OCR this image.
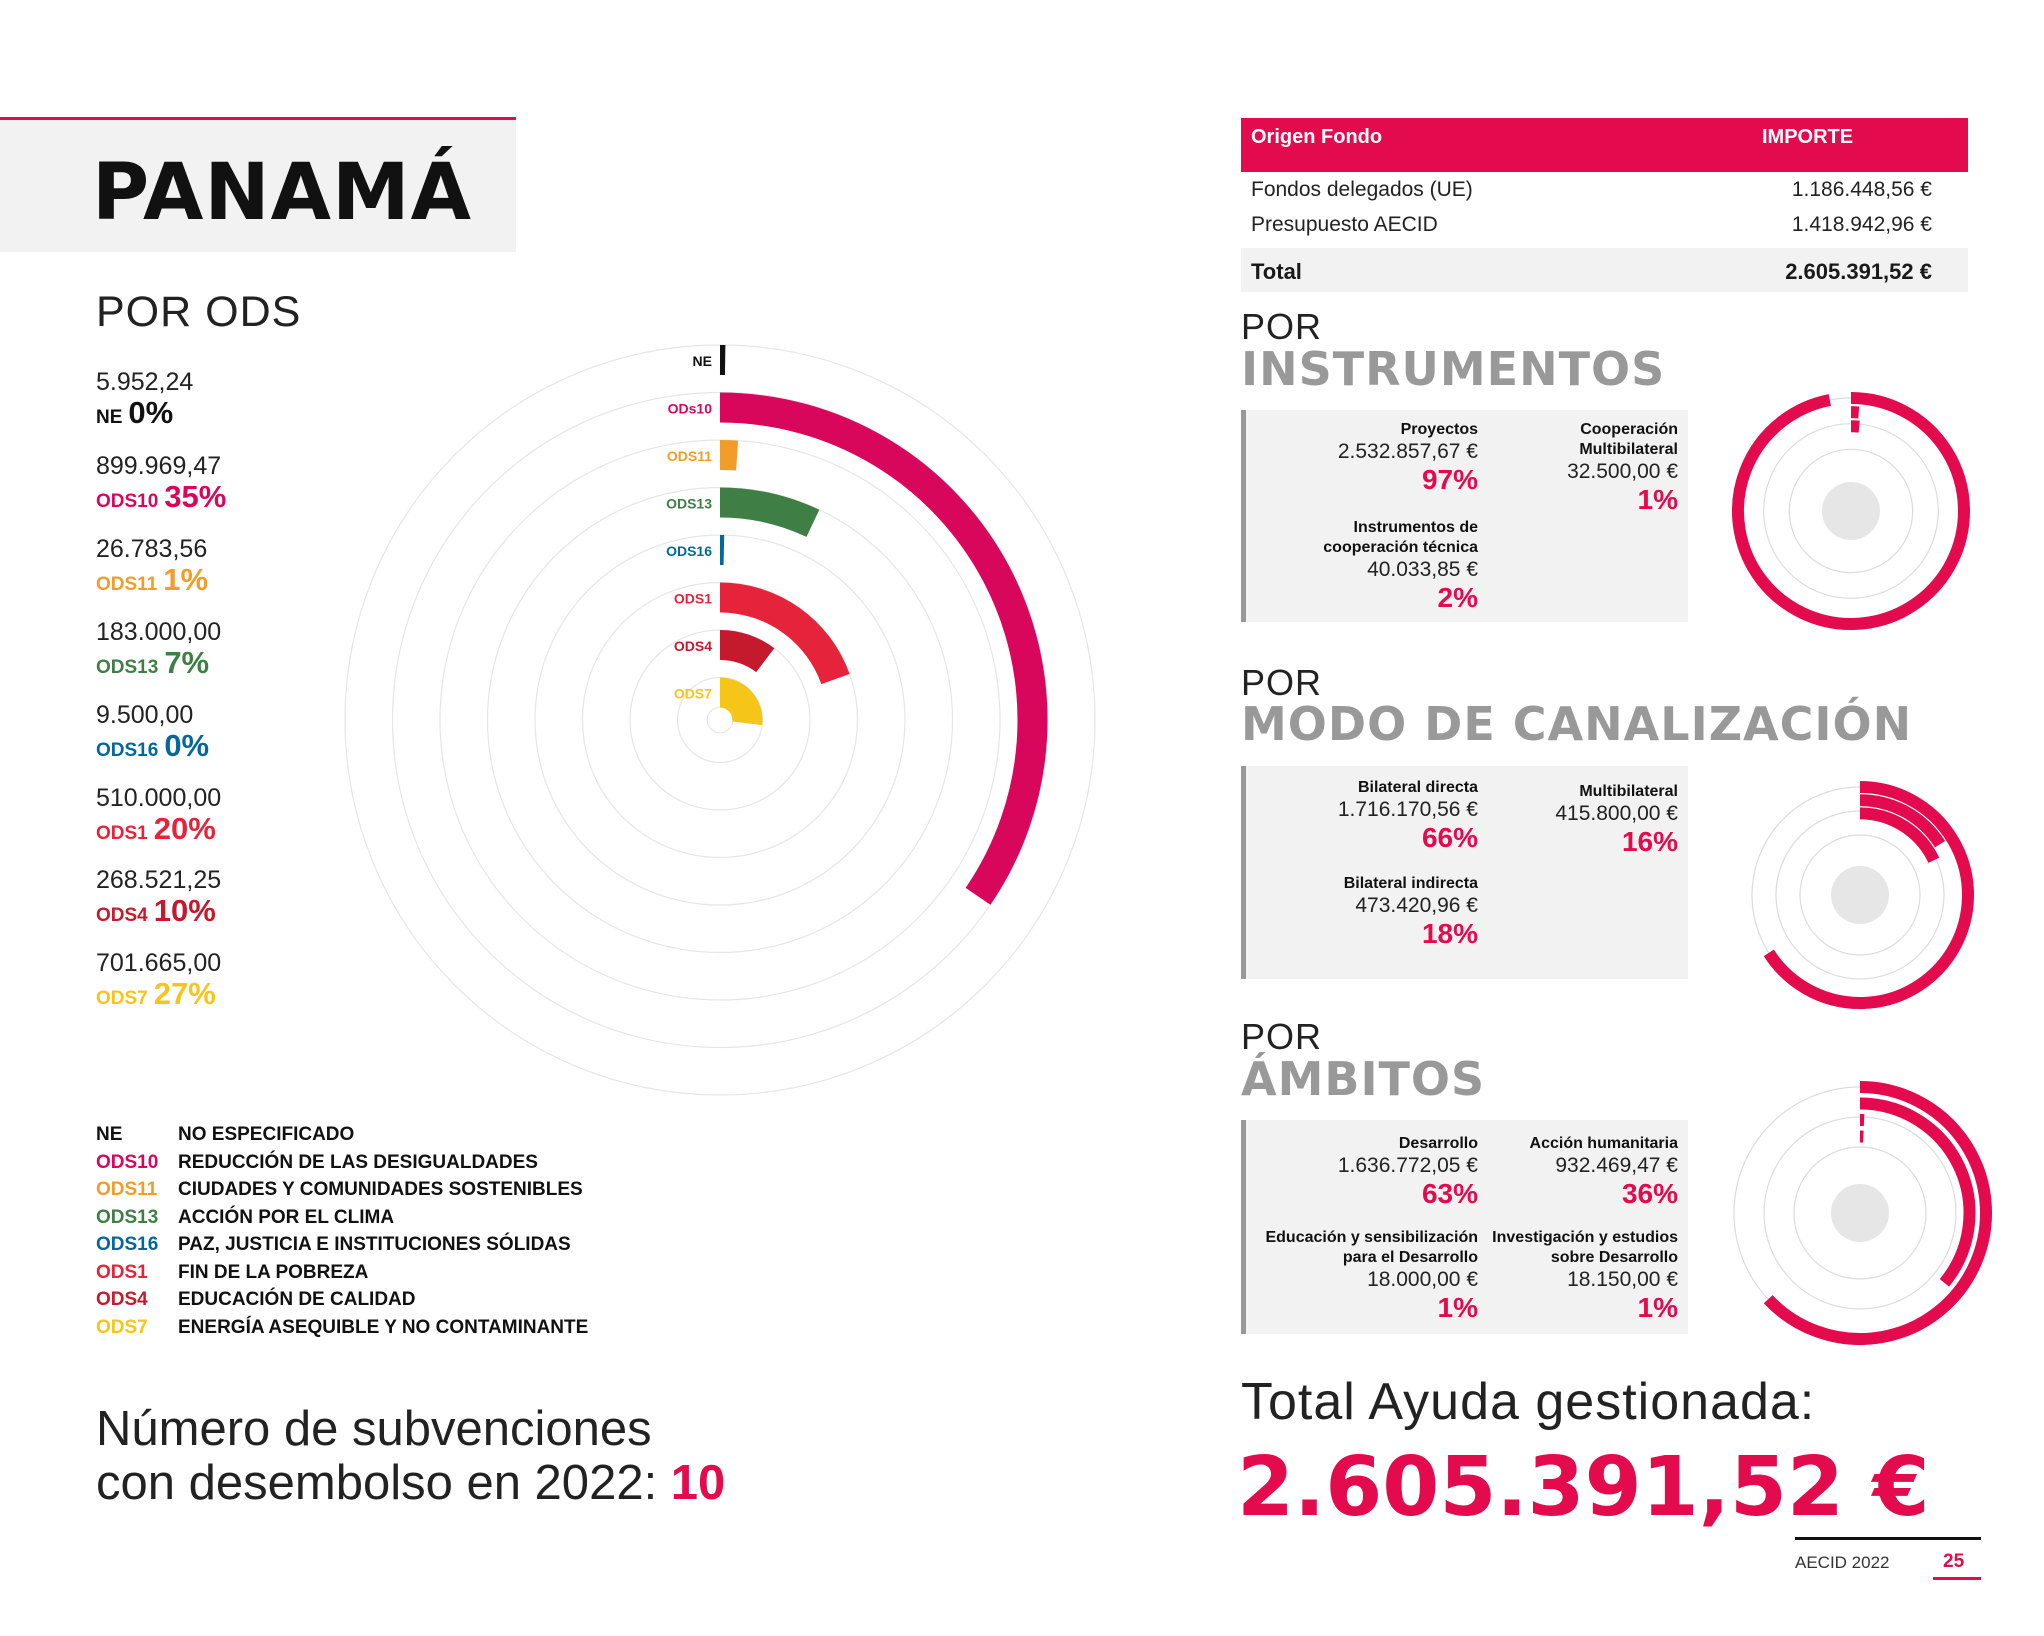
PANAMÁ
POR ODS
5.952,24
NE 0%
899.969,47
ODS10 35%
26.783,56
ODS11 1%
183.000,00
ODS13 7%
9.500,00
ODS16 0%
510.000,00
ODS1 20%
268.521,25
ODS4 10%
701.665,00
ODS7 27%
NE
ODs10
ODS11
ODS13
ODS16
ODS1
ODS4
ODS7
NE	NO ESPECIFICADO
ODS10 REDUCCIÓN DE LAS DESIGUALDADES
ODS11 CIUDADES Y COMUNIDADES SOSTENIBLES
ODS13 ACCIÓN POR EL CLIMA
ODS16 PAZ, JUSTICIA E INSTITUCIONES SÓLIDAS
ODS1 FIN DE LA POBREZA
ODS4 EDUCACIÓN DE CALIDAD
ODS7 ENERGÍA ASEQUIBLE Y NO CONTAMINANTE
Número de subvenciones
con desembolso en 2022: 10
Origen Fondo	IMPORTE
Fondos delegados (UE)	1.186.448,56 €
Presupuesto AECID	1.418.942,96 €
Total	2.605.391,52 €
POR
INSTRUMENTOS
Proyectos
2.532.857,67 €
97%
Cooperación Multibilateral
32.500,00 €
1%
Instrumentos de cooperación técnica
40.033,85 €
2%
POR
MODO DE CANALIZACIÓN
Bilateral directa
1.716.170,56 €
66%
Multibilateral
415.800,00 €
16%
Bilateral indirecta
473.420,96 €
18%
POR
ÁMBITOS
Desarrollo
1.636.772,05 €
63%
Acción humanitaria
932.469,47 €
36%
Educación y sensibilización para el Desarrollo
18.000,00 €
1%
Investigación y estudios sobre Desarrollo
18.150,00 €
1%
Total Ayuda gestionada:
2.605.391,52 €
AECID 2022	25
